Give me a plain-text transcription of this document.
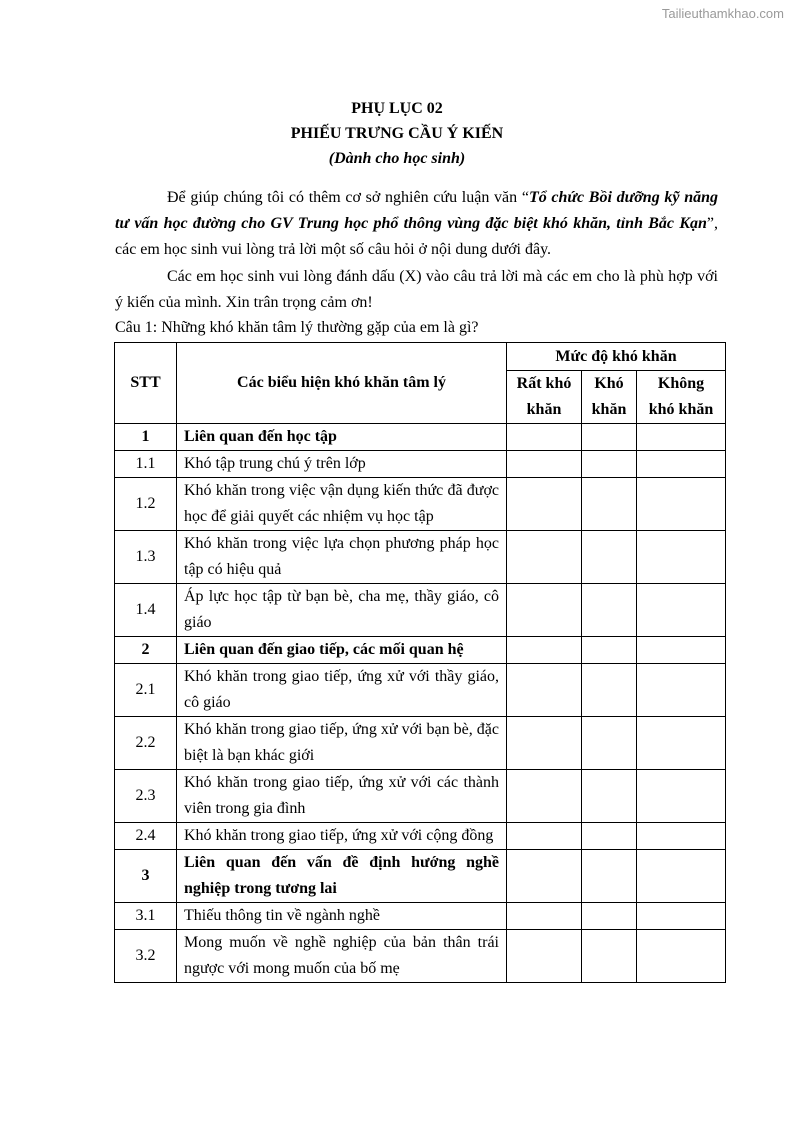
Tailieuthamkhao.com
PHỤ LỤC 02
PHIẾU TRƯNG CẦU Ý KIẾN
(Dành cho học sinh)
Để giúp chúng tôi có thêm cơ sở nghiên cứu luận văn “Tổ chức Bồi dưỡng kỹ năng tư vấn học đường cho GV Trung học phổ thông vùng đặc biệt khó khăn, tỉnh Bắc Kạn”, các em học sinh vui lòng trả lời một số câu hỏi ở nội dung dưới đây.
Các em học sinh vui lòng đánh dấu (X) vào câu trả lời mà các em cho là phù hợp với ý kiến của mình. Xin trân trọng cảm ơn!
Câu 1: Những khó khăn tâm lý thường gặp của em là gì?
STT	Các biểu hiện khó khăn tâm lý	Mức độ khó khăn		
		Rất khó khăn	Khó khăn	Không khó khăn
1	Liên quan đến học tập			
1.1	Khó tập trung chú ý trên lớp			
1.2	Khó khăn trong việc vận dụng kiến thức đã được học để giải quyết các nhiệm vụ học tập			
1.3	Khó khăn trong việc lựa chọn phương pháp học tập có hiệu quả			
1.4	Áp lực học tập từ bạn bè, cha mẹ, thầy giáo, cô giáo			
2	Liên quan đến giao tiếp, các mối quan hệ			
2.1	Khó khăn trong giao tiếp, ứng xử với thầy giáo, cô giáo			
2.2	Khó khăn trong giao tiếp, ứng xử với bạn bè, đặc biệt là bạn khác giới			
2.3	Khó khăn trong giao tiếp, ứng xử với các thành viên trong gia đình			
2.4	Khó khăn trong giao tiếp, ứng xử với cộng đồng			
3	Liên quan đến vấn đề định hướng nghề nghiệp trong tương lai			
3.1	Thiếu thông tin về ngành nghề			
3.2	Mong muốn về nghề nghiệp của bản thân trái ngược với mong muốn của bố mẹ			
